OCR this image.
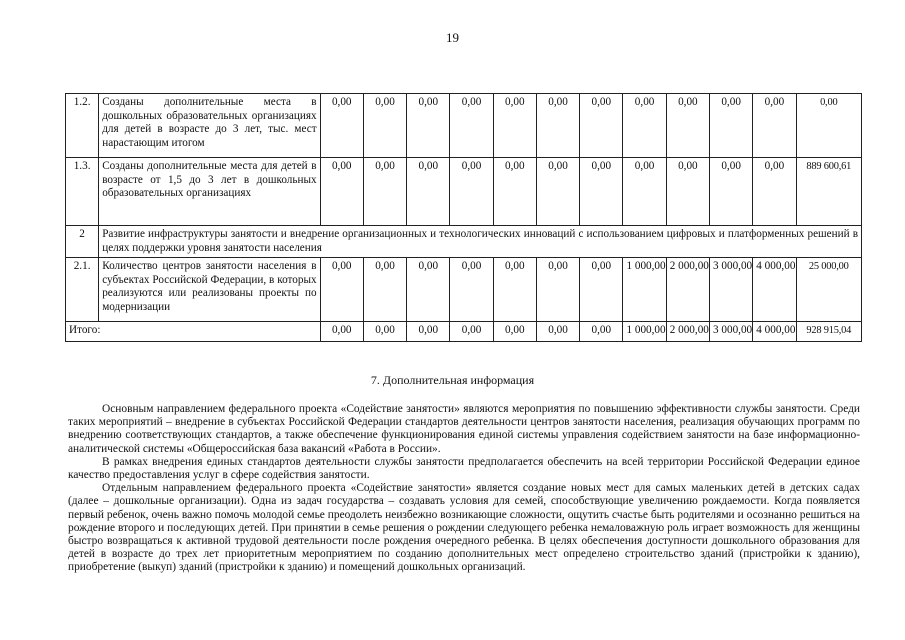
19
1.2.	Созданы дополнительные места в дошкольных образовательных организациях для детей в возрасте до 3 лет, тыс. мест нарастающим итогом	0,00	0,00	0,00	0,00	0,00	0,00	0,00	0,00	0,00	0,00	0,00	0,00
1.3.	Созданы дополнительные места для детей в возрасте от 1,5 до 3 лет в дошкольных образовательных организациях	0,00	0,00	0,00	0,00	0,00	0,00	0,00	0,00	0,00	0,00	0,00	889 600,61
2	Развитие инфраструктуры занятости и внедрение организационных и технологических инноваций с использованием цифровых и платформенных решений в целях поддержки уровня занятости населения												
2.1.	Количество центров занятости населения в субъектах Российской Федерации, в которых реализуются или реализованы проекты по модернизации	0,00	0,00	0,00	0,00	0,00	0,00	0,00	1 000,00	2 000,00	3 000,00	4 000,00	25 000,00
Итого:		0,00	0,00	0,00	0,00	0,00	0,00	0,00	1 000,00	2 000,00	3 000,00	4 000,00	928 915,04
7. Дополнительная информация

Основным направлением федерального проекта «Содействие занятости» являются мероприятия по повышению эффективности службы занятости. Среди таких мероприятий – внедрение в субъектах Российской Федерации стандартов деятельности центров занятости населения, реализация обучающих программ по внедрению соответствующих стандартов, а также обеспечение функционирования единой системы управления содействием занятости на базе информационно-аналитической системы «Общероссийская база вакансий «Работа в России».

В рамках внедрения единых стандартов деятельности службы занятости предполагается обеспечить на всей территории Российской Федерации единое качество предоставления услуг в сфере содействия занятости.

Отдельным направлением федерального проекта «Содействие занятости» является создание новых мест для самых маленьких детей в детских садах (далее – дошкольные организации). Одна из задач государства – создавать условия для семей, способствующие увеличению рождаемости. Когда появляется первый ребенок, очень важно помочь молодой семье преодолеть неизбежно возникающие сложности, ощутить счастье быть родителями и осознанно решиться на рождение второго и последующих детей. При принятии в семье решения о рождении следующего ребенка немаловажную роль играет возможность для женщины быстро возвращаться к активной трудовой деятельности после рождения очередного ребенка. В целях обеспечения доступности дошкольного образования для детей в возрасте до трех лет приоритетным мероприятием по созданию дополнительных мест определено строительство зданий (пристройки к зданию), приобретение (выкуп) зданий (пристройки к зданию) и помещений дошкольных организаций.
